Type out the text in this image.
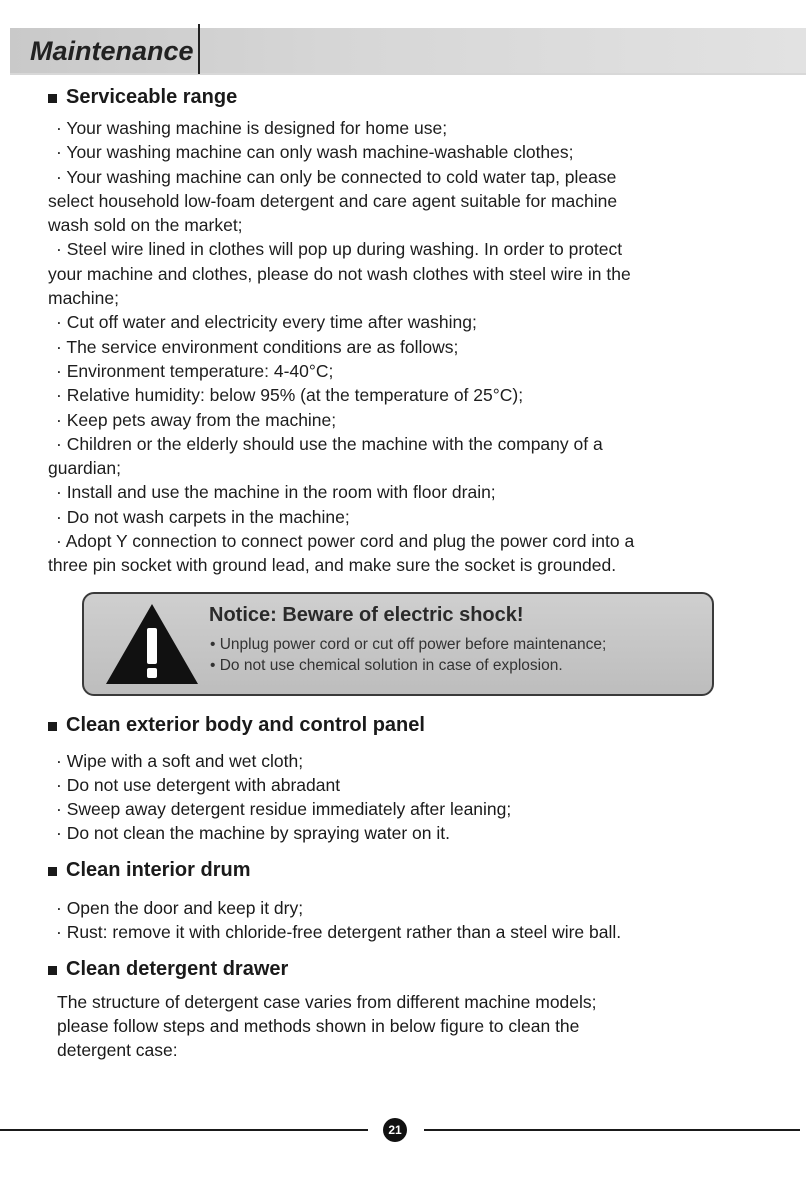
Maintenance
Serviceable range

· Your washing machine is designed for home use;

· Your washing machine can only wash machine-washable clothes;

· Your washing machine can only be connected to cold water tap, please

select household low-foam detergent and care agent suitable for machine

wash sold on the market;

· Steel wire lined in clothes will pop up during washing. In order to protect

your machine and clothes, please do not wash clothes with steel wire in the

machine;

· Cut off water and electricity every time after washing;

· The service environment conditions are as follows;

· Environment temperature: 4-40°C;

· Relative humidity: below 95% (at the temperature of 25°C);

· Keep pets away from the machine;

· Children or the elderly should use the machine with the company of a

guardian;

· Install and use the machine in the room with floor drain;

· Do not wash carpets in the machine;

· Adopt Y connection to connect power cord and plug the power cord into a

three pin socket with ground lead, and make sure the socket is grounded.

Notice: Beware of electric shock!
• Unplug power cord or cut off power before maintenance;
• Do not use chemical solution in case of explosion.
Clean exterior body and control panel

· Wipe with a soft and wet cloth;

· Do not use detergent with abradant

· Sweep away detergent residue immediately after leaning;

· Do not clean the machine by spraying water on it.

Clean interior drum

· Open the door and keep it dry;

· Rust: remove it with chloride-free detergent rather than a steel wire ball.

Clean detergent drawer

The structure of detergent case varies from different machine models;

please follow steps and methods shown in below figure to clean the

detergent case:

21
